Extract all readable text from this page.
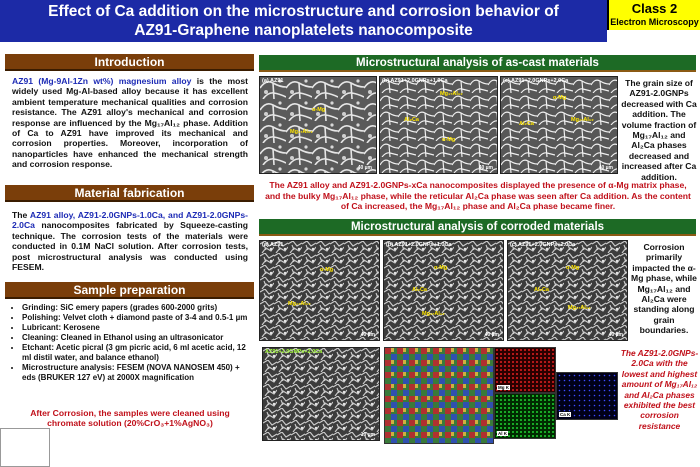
Effect of Ca addition on the microstructure and corrosion behavior of
AZ91-Graphene nanoplatelets nanocomposite
Class 2
Electron Microscopy
Introduction
AZ91 (Mg-9Al-1Zn wt%) magnesium alloy is the most widely used Mg-Al-based alloy because it has excellent ambient temperature mechanical qualities and corrosion resistance. The AZ91 alloy's mechanical and corrosion response are influenced by the Mg₁₇Al₁₂ phase. Addition of Ca to AZ91 have improved its mechanical and corrosion properties. Moreover, incorporation of nanoparticles have enhanced the mechanical strength and corrosion response.
Material fabrication
The AZ91 alloy, AZ91-2.0GNPs-1.0Ca, and AZ91-2.0GNPs-2.0Ca nanocomposites fabricated by Squeeze-casting technique. The corrosion tests of the materials were conducted in 0.1M NaCl solution. After corrosion tests, post microstructural analysis was conducted using FESEM.
Sample preparation
• Grinding: SiC emery papers (grades 600-2000 grits)
• Polishing: Velvet cloth + diamond paste of 3-4 and 0.5-1 µm
• Lubricant: Kerosene
• Cleaning: Cleaned in Ethanol using an ultrasonicator
• Etchant: Acetic picral (3 gm picric acid, 6 ml acetic acid, 12 ml distil water, and balance ethanol)
• Microstructure analysis: FESEM (NOVA NANOSEM 450) + eds (BRUKER 127 eV) at 2000X magnification
After Corrosion, the samples were cleaned using chromate solution (20%CrO₃+1%AgNO₃)
Microstructural analysis of as-cast materials
(a) AZ91
α-Mg
Mg₁₇Al₁₂
40 µm
(b) AZ91+2.0GNPs+1.0Ca
Mg₁₇Al₁₂
Al₂Ca
α-Mg
40 µm
(c) AZ91+2.0GNPs+2.0Ca
Mg₁₇Al₁₂
Al₂Ca
α-Mg
40 µm
The grain size of AZ91-2.0GNPs decreased with Ca addition. The volume fraction of Mg₁₇Al₁₂ and Al₂Ca phases decreased and increased after Ca addition.
The AZ91 alloy and AZ91-2.0GNPs-xCa nanocomposites displayed the presence of α-Mg matrix phase, and the bulky Mg₁₇Al₁₂ phase, while the reticular Al₂Ca phase was seen after Ca addition. As the content of Ca increased, the Mg₁₇Al₁₂ phase and Al₂Ca phase became finer.
Microstructural analysis of corroded materials
(a) AZ91
α-Mg
Mg₁₇Al₁₂
40 µm
(b) AZ91+2.0GNPs+1.0Ca
α-Mg
Al₂Ca
Mg₁₇Al₁₂
40 µm
(c) AZ91+2.0GNPs+2.0Ca
α-Mg
Al₂Ca
Mg₁₇Al₁₂
40 µm
Corrosion primarily impacted the α-Mg phase, while Mg₁₇Al₁₂ and Al₂Ca were standing along grain boundaries.
AZ91+2.0GNPs+2.0Ca
10 µm
Mg K
Al K
Ca K
The AZ91-2.0GNPs-2.0Ca with the lowest and highest amount of Mg₁₇Al₁₂ and Al₂Ca phases exhibited the best corrosion resistance
